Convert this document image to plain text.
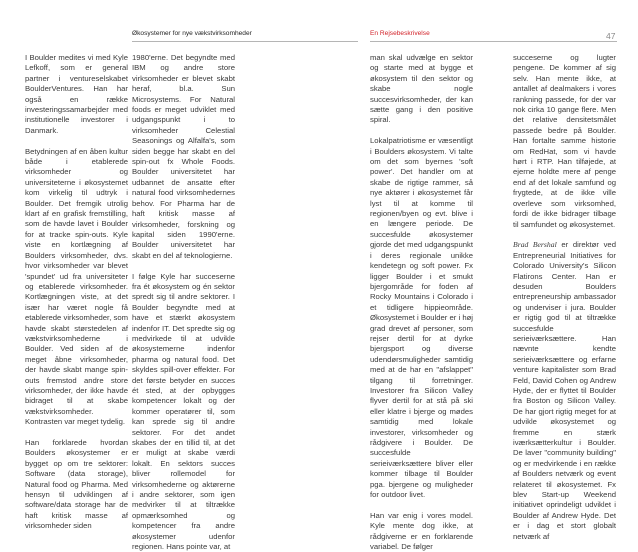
Økosystemer for nye vækstvirksomheder	En Rejsebeskrivelse	47

I Boulder medites vi med Kyle Lefkoff, som er general partner i ventureselskabet BoulderVentures. Han har også en række investeringssamarbejder med institutionelle investorer i Danmark.

Betydningen af en åben kultur både i etablerede virksomheder og universiteterne i økosystemet kom virkelig til udtryk i Boulder. Det fremgik utrolig klart af en grafisk fremstilling, som de havde lavet i Boulder for at tracke spin-outs. Kyle viste en kortlægning af Boulders virksomheder, dvs. hvor virksomheder var blevet 'spundet' ud fra universiteter og etablerede virksomheder. Kortlægningen viste, at det især har været nogle få etablerede virksomheder, som havde skabt størstedelen af vækstvirksomhederne i Boulder. Ved siden af de meget åbne virksomheder, der havde skabt mange spin-outs fremstod andre store virksomheder, der ikke havde bidraget til at skabe vækstvirksomheder. Kontrasten var meget tydelig.

Han forklarede hvordan Boulders økosystemer er bygget op om tre sektorer: Software (data storage), Natural food og Pharma. Med hensyn til udviklingen af software/data storage har de haft kritisk masse af virksomheder siden

1980'erne. Det begyndte med IBM og andre store virksomheder er blevet skabt heraf, bl.a. Sun Microsystems. For Natural foods er meget udviklet med udgangspunkt i to virksomheder Celestial Seasonings og Alfalfa's, som siden begge har skabt en del spin-out fx Whole Foods. Boulder universitetet har udbannet de ansatte efter natural food virksomhedernes behov. For Pharma har de haft kritisk masse af virksomheder, forskning og kapital siden 1990'erne. Boulder universitetet har skabt en del af teknologierne.

I følge Kyle har succeserne fra ét økosystem og én sektor spredt sig til andre sektorer. I Boulder begyndte med at have et stærkt økosystem indenfor IT. Det spredte sig og medvirkede til at udvikle økosystemerne indenfor pharma og natural food. Det skyldes spill-over effekter. For det første betyder en succes ét sted, at der opbygges kompetencer lokalt og der kommer operatører til, som kan sprede sig til andre sektorer. For det andet skabes der en tillid til, at det er muligt at skabe værdi lokalt. En sektors succes bliver rollemodel for virksomhederne og aktørerne i andre sektorer, som igen medvirker til at tiltrække opmærksomhed og kompetencer fra andre økosystemer udenfor regionen. Hans pointe var, at

man skal udvælge en sektor og starte med at bygge et økosystem til den sektor og skabe nogle succesvirksomheder, der kan sætte gang i den positive spiral.

Lokalpatriotisme er væsentligt i Boulders økosystem. Vi talte om det som byernes 'soft power'. Det handler om at skabe de rigtige rammer, så nye aktører i økosystemet får lyst til at komme til regionen/byen og evt. blive i en længere periode. De succesfulde økosystemer gjorde det med udgangspunkt i deres regionale unikke kendetegn og soft power. Fx ligger Boulder i et smukt bjergområde for foden af Rocky Mountains i Colorado i et tidligere hippieområde. Økosystemet i Boulder er i høj grad drevet af personer, som rejser dertil for at dyrke bjergsport og diverse udendørsmuligheder samtidig med at de har en "afslappet" tilgang til forretninger. Investorer fra Silicon Valley flyver dertil for at stå på ski eller klatre i bjerge og mødes samtidig med lokale investorer, virksomheder og rådgivere i Boulder. De succesfulde serieiværksættere bliver eller kommer tilbage til Boulder pga. bjergene og muligheder for outdoor livet.

Han var enig i vores model. Kyle mente dog ikke, at rådgiverne er en forklarende variabel. De følger

succeserne og lugter pengene. De kommer af sig selv. Han mente ikke, at antallet af dealmakers i vores rankning passede, for der var nok cirka 10 gange flere. Men det relative densitetsmålet passede bedre på Boulder. Han fortalte samme historie om RedHat, som vi havde hørt i RTP. Han tilføjede, at ejerne holdte mere af penge end af det lokale samfund og frygtede, at de ikke ville overleve som virksomhed, fordi de ikke bidrager tilbage til samfundet og økosystemet.

Brad Bershal er direktør ved Entrepreneurial Initiatives for Colorado University's Silicon Flatirons Center. Han er desuden Boulders entrepreneurship ambassador og underviser i jura. Boulder er rigtig god til at tiltrække succesfulde serieiværksættere. Han nævnte kendte serieiværksættere og erfarne venture kapitalister som Brad Feld, David Cohen og Andrew Hyde, der er flyttet til Boulder fra Boston og Silicon Valley. De har gjort rigtig meget for at udvikle økosystemet og fremme en stærk iværksætterkultur i Boulder. De laver "community building" og er medvirkende i en række af Boulders netværk og event relateret til økosystemet. Fx blev Start-up Weekend initiativet oprindeligt udviklet i Boulder af Andrew Hyde. Det er i dag et stort globalt netværk af
